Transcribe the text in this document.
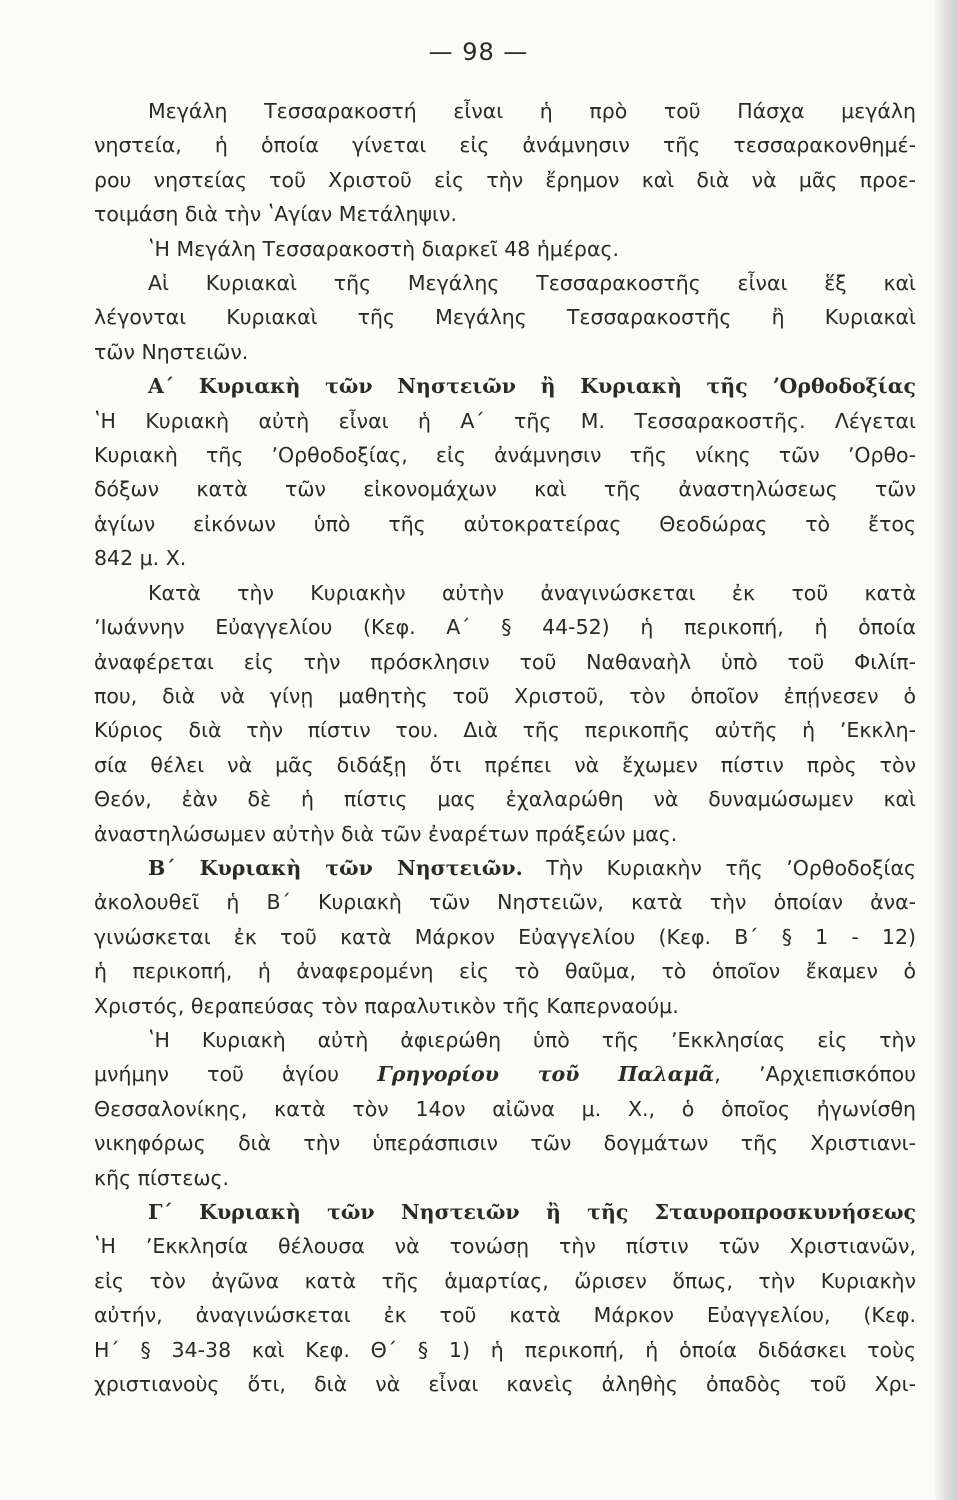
— 98 —
Μεγάλη Τεσσαρακοστή εἶναι ἡ πρὸ τοῦ Πάσχα μεγάλη
νηστεία, ἡ ὁποία γίνεται εἰς ἀνάμνησιν τῆς τεσσαρακονθημέ-
ρου νηστείας τοῦ Χριστοῦ εἰς τὴν ἔρημον καὶ διὰ νὰ μᾶς προε-
τοιμάση διὰ τὴν ʽΑγίαν Μετάληψιν.
ʽΗ Μεγάλη Τεσσαρακοστὴ διαρκεῖ 48 ἡμέρας.
Αἱ Κυριακαὶ τῆς Μεγάλης Τεσσαρακοστῆς εἶναι ἕξ καὶ
λέγονται Κυριακαὶ τῆς Μεγάλης Τεσσαρακοστῆς ἢ Κυριακαὶ
τῶν Νηστειῶν.
Α΄ Κυριακὴ τῶν Νηστειῶν ἢ Κυριακὴ τῆς ʼΟρθοδοξίας
ʽΗ Κυριακὴ αὐτὴ εἶναι ἡ Α΄ τῆς Μ. Τεσσαρακοστῆς. Λέγεται
Κυριακὴ τῆς ʼΟρθοδοξίας, εἰς ἀνάμνησιν τῆς νίκης τῶν ʼΟρθο-
δόξων κατὰ τῶν εἰκονομάχων καὶ τῆς ἀναστηλώσεως τῶν
ἁγίων εἰκόνων ὑπὸ τῆς αὐτοκρατείρας Θεοδώρας τὸ ἔτος
842 μ. Χ.
Κατὰ τὴν Κυριακὴν αὐτὴν ἀναγινώσκεται ἐκ τοῦ κατὰ
ʼΙωάννην Εὐαγγελίου (Κεφ. Α΄ § 44-52) ἡ περικοπή, ἡ ὁποία
ἀναφέρεται εἰς τὴν πρόσκλησιν τοῦ Ναθαναὴλ ὑπὸ τοῦ Φιλίπ-
που, διὰ νὰ γίνῃ μαθητὴς τοῦ Χριστοῦ, τὸν ὁποῖον ἐπῄνεσεν ὁ
Κύριος διὰ τὴν πίστιν του. Διὰ τῆς περικοπῆς αὐτῆς ἡ ʼΕκκλη-
σία θέλει νὰ μᾶς διδάξῃ ὅτι πρέπει νὰ ἔχωμεν πίστιν πρὸς τὸν
Θεόν, ἐὰν δὲ ἡ πίστις μας ἐχαλαρώθη νὰ δυναμώσωμεν καὶ
ἀναστηλώσωμεν αὐτὴν διὰ τῶν ἐναρέτων πράξεών μας.
Β΄ Κυριακὴ τῶν Νηστειῶν. Τὴν Κυριακὴν τῆς ʼΟρθοδοξίας
ἀκολουθεῖ ἡ Β΄ Κυριακὴ τῶν Νηστειῶν, κατὰ τὴν ὁποίαν ἀνα-
γινώσκεται ἐκ τοῦ κατὰ Μάρκον Εὐαγγελίου (Κεφ. Β΄ § 1 - 12)
ἡ περικοπή, ἡ ἀναφερομένη εἰς τὸ θαῦμα, τὸ ὁποῖον ἔκαμεν ὁ
Χριστός, θεραπεύσας τὸν παραλυτικὸν τῆς Καπερναούμ.
ʽΗ Κυριακὴ αὐτὴ ἀφιερώθη ὑπὸ τῆς ʼΕκκλησίας εἰς τὴν
μνήμην τοῦ ἁγίου Γρηγορίου τοῦ Παλαμᾶ, ʼΑρχιεπισκόπου
Θεσσαλονίκης, κατὰ τὸν 14ον αἰῶνα μ. Χ., ὁ ὁποῖος ἠγωνίσθη
νικηφόρως διὰ τὴν ὑπεράσπισιν τῶν δογμάτων τῆς Χριστιανι-
κῆς πίστεως.
Γ΄ Κυριακὴ τῶν Νηστειῶν ἢ τῆς Σταυροπροσκυνήσεως
ʽΗ ʼΕκκλησία θέλουσα νὰ τονώσῃ τὴν πίστιν τῶν Χριστιανῶν,
εἰς τὸν ἀγῶνα κατὰ τῆς ἁμαρτίας, ὥρισεν ὅπως, τὴν Κυριακὴν
αὐτήν, ἀναγινώσκεται ἐκ τοῦ κατὰ Μάρκον Εὐαγγελίου, (Κεφ.
Η΄ § 34-38 καὶ Κεφ. Θ΄ § 1) ἡ περικοπή, ἡ ὁποία διδάσκει τοὺς
χριστιανοὺς ὅτι, διὰ νὰ εἶναι κανεὶς ἀληθὴς ὀπαδὸς τοῦ Χρι-
